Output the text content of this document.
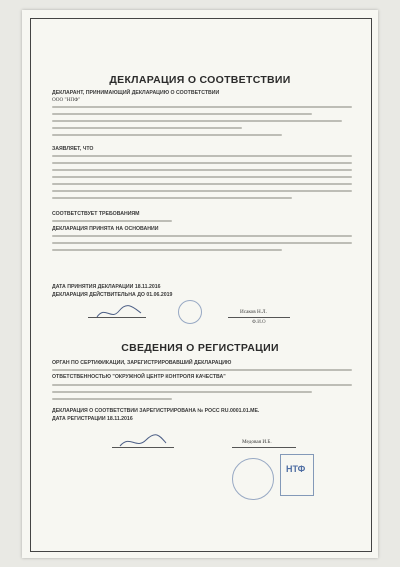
ДЕКЛАРАЦИЯ О СООТВЕТСТВИИ
ДЕКЛАРАНТ, ПРИНИМАЮЩИЙ ДЕКЛАРАЦИЮ О СООТВЕТСТВИИ
ООО "НПФ"
ЗАЯВЛЯЕТ, ЧТО
СООТВЕТСТВУЕТ ТРЕБОВАНИЯМ
ДЕКЛАРАЦИЯ ПРИНЯТА НА ОСНОВАНИИ
ДАТА ПРИНЯТИЯ ДЕКЛАРАЦИИ 18.11.2016
ДЕКЛАРАЦИЯ ДЕЙСТВИТЕЛЬНА ДО 01.06.2019
Исаков Н.Л.
Ф.И.О
СВЕДЕНИЯ О РЕГИСТРАЦИИ
ОРГАН ПО СЕРТИФИКАЦИИ, ЗАРЕГИСТРИРОВАВШИЙ ДЕКЛАРАЦИЮ
ОТВЕТСТВЕННОСТЬЮ "ОКРУЖНОЙ ЦЕНТР КОНТРОЛЯ КАЧЕСТВА"
ДЕКЛАРАЦИЯ О СООТВЕТСТВИИ ЗАРЕГИСТРИРОВАНА № РОСС RU.0001.01.МЕ.
ДАТА РЕГИСТРАЦИИ 18.11.2016
Медовая И.Б.
НТФ
